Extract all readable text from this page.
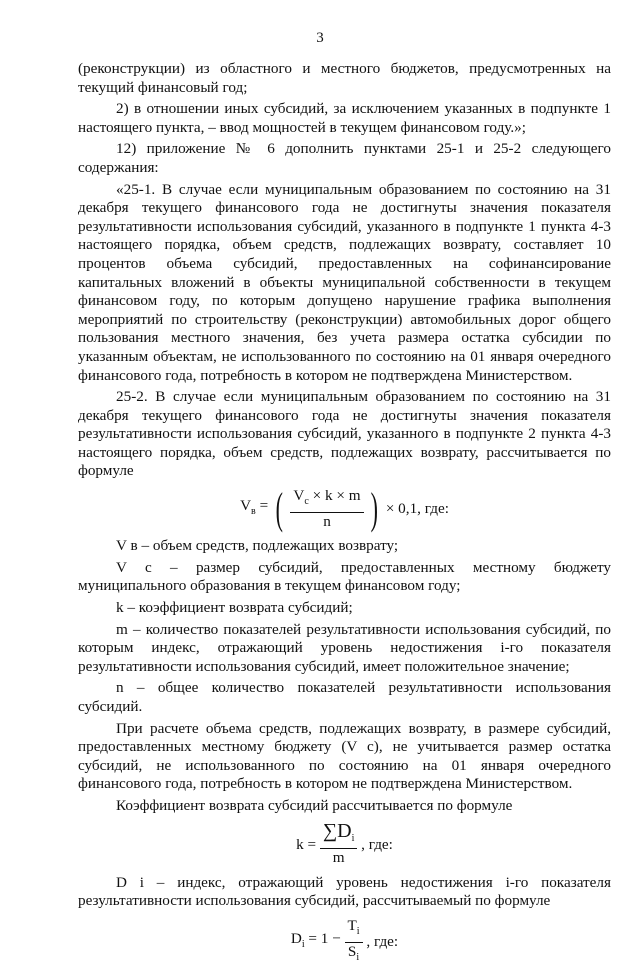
3

(реконструкции) из областного и местного бюджетов, предусмотренных на текущий финансовый год;

2) в отношении иных субсидий, за исключением указанных в подпункте 1 настоящего пункта, – ввод мощностей в текущем финансовом году.»;

12) приложение № 6 дополнить пунктами 25-1 и 25-2 следующего содержания:

«25-1. В случае если муниципальным образованием по состоянию на 31 декабря текущего финансового года не достигнуты значения показателя результативности использования субсидий, указанного в подпункте 1 пункта 4-3 настоящего порядка, объем средств, подлежащих возврату, составляет 10 процентов объема субсидий, предоставленных на софинансирование капитальных вложений в объекты муниципальной собственности в текущем финансовом году, по которым допущено нарушение графика выполнения мероприятий по строительству (реконструкции) автомобильных дорог общего пользования местного значения, без учета размера остатка субсидии по указанным объектам, не использованного по состоянию на 01 января очередного финансового года, потребность в котором не подтверждена Министерством.

25-2. В случае если муниципальным образованием по состоянию на 31 декабря текущего финансового года не достигнуты значения показателя результативности использования субсидий, указанного в подпункте 2 пункта 4-3 настоящего порядка, объем средств, подлежащих возврату, рассчитывается по формуле

$V_в$ = ( $\frac{V_c \times k \times m}{n}$ ) × 0,1, где:

V в – объем средств, подлежащих возврату;

V c – размер субсидий, предоставленных местному бюджету муниципального образования в текущем финансовом году;

k – коэффициент возврата субсидий;

m – количество показателей результативности использования субсидий, по которым индекс, отражающий уровень недостижения i-го показателя результативности использования субсидий, имеет положительное значение;

n – общее количество показателей результативности использования субсидий.

При расчете объема средств, подлежащих возврату, в размере субсидий, предоставленных местному бюджету (V c), не учитывается размер остатка субсидий, не использованного по состоянию на 01 января очередного финансового года, потребность в котором не подтверждена Министерством.

Коэффициент возврата субсидий рассчитывается по формуле

$k = \frac{\sum D_i}{m}$ , где:

D i – индекс, отражающий уровень недостижения i-го показателя результативности использования субсидий, рассчитываемый по формуле

$D_i = 1 - \frac{T_i}{S_i}$ , где:
